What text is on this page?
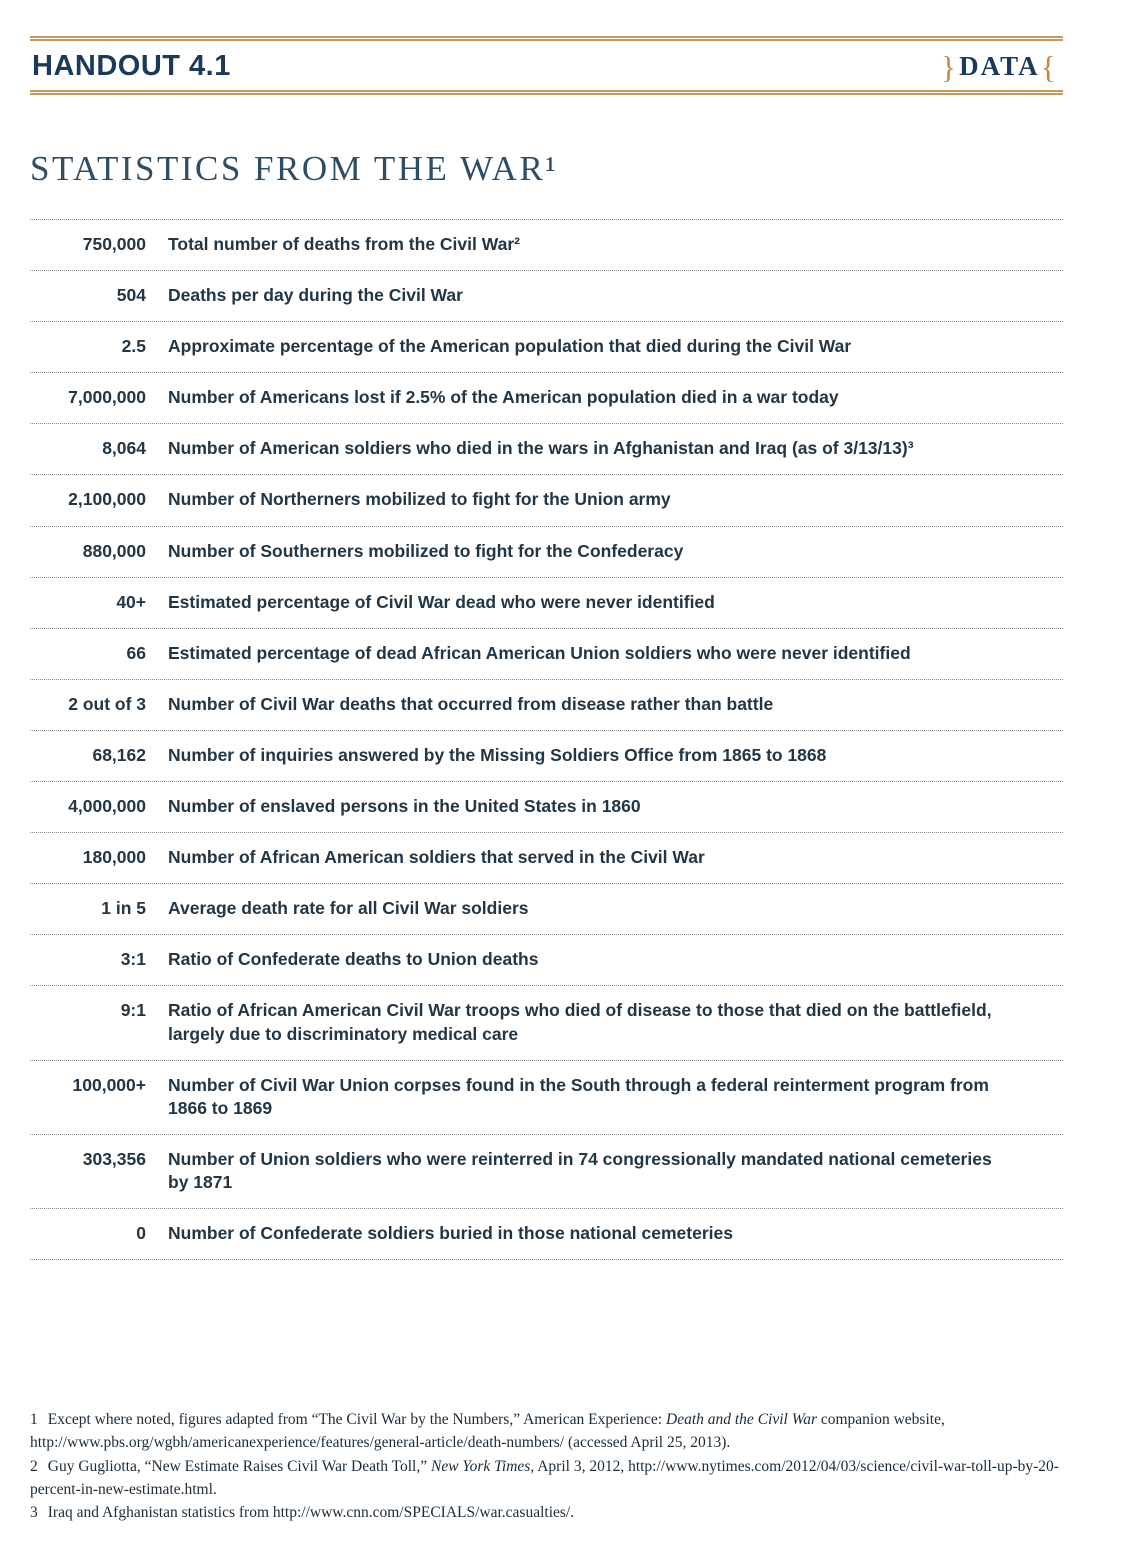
HANDOUT 4.1	} DATA {
STATISTICS FROM THE WAR¹
750,000 Total number of deaths from the Civil War²
504 Deaths per day during the Civil War
2.5 Approximate percentage of the American population that died during the Civil War
7,000,000 Number of Americans lost if 2.5% of the American population died in a war today
8,064 Number of American soldiers who died in the wars in Afghanistan and Iraq (as of 3/13/13)³
2,100,000 Number of Northerners mobilized to fight for the Union army
880,000 Number of Southerners mobilized to fight for the Confederacy
40+ Estimated percentage of Civil War dead who were never identified
66 Estimated percentage of dead African American Union soldiers who were never identified
2 out of 3 Number of Civil War deaths that occurred from disease rather than battle
68,162 Number of inquiries answered by the Missing Soldiers Office from 1865 to 1868
4,000,000 Number of enslaved persons in the United States in 1860
180,000 Number of African American soldiers that served in the Civil War
1 in 5 Average death rate for all Civil War soldiers
3:1 Ratio of Confederate deaths to Union deaths
9:1 Ratio of African American Civil War troops who died of disease to those that died on the battlefield, largely due to discriminatory medical care
100,000+ Number of Civil War Union corpses found in the South through a federal reinterment program from 1866 to 1869
303,356 Number of Union soldiers who were reinterred in 74 congressionally mandated national cemeteries by 1871
0 Number of Confederate soldiers buried in those national cemeteries

1 Except where noted, figures adapted from “The Civil War by the Numbers,” American Experience: Death and the Civil War companion website, http://www.pbs.org/wgbh/americanexperience/features/general-article/death-numbers/ (accessed April 25, 2013).

2 Guy Gugliotta, “New Estimate Raises Civil War Death Toll,” New York Times, April 3, 2012, http://www.nytimes.com/2012/04/03/science/civil-war-toll-up-by-20-percent-in-new-estimate.html.

3 Iraq and Afghanistan statistics from http://www.cnn.com/SPECIALS/war.casualties/.
